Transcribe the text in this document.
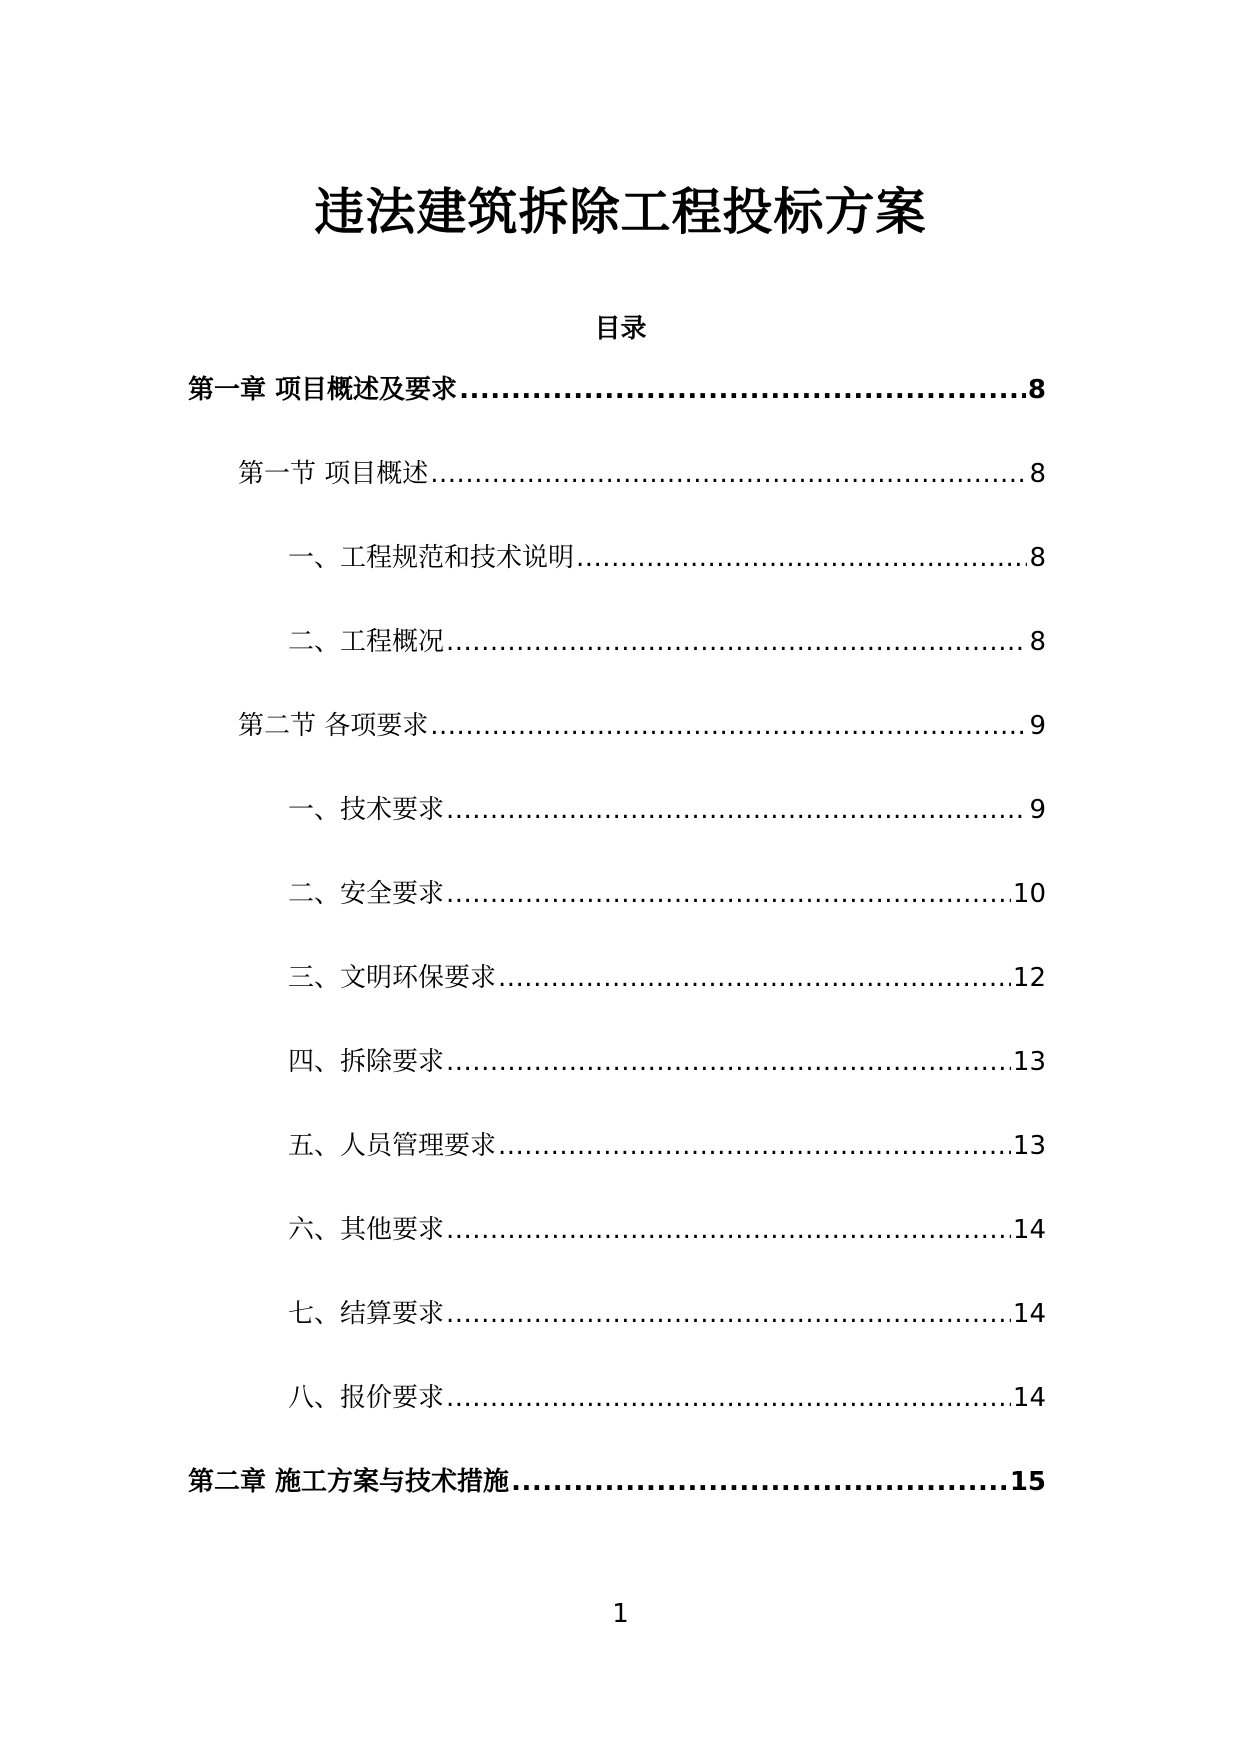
违法建筑拆除工程投标方案
目录
第一章 项目概述及要求 .....	8
第一节 项目概述 .....	8
一、工程规范和技术说明 .....	8
二、工程概况 .....	8
第二节 各项要求 .....	9
一、技术要求 .....	9
二、安全要求 .....	10
三、文明环保要求 .....	12
四、拆除要求 .....	13
五、人员管理要求 .....	13
六、其他要求 .....	14
七、结算要求 .....	14
八、报价要求 .....	14
第二章 施工方案与技术措施 .....	15
1
